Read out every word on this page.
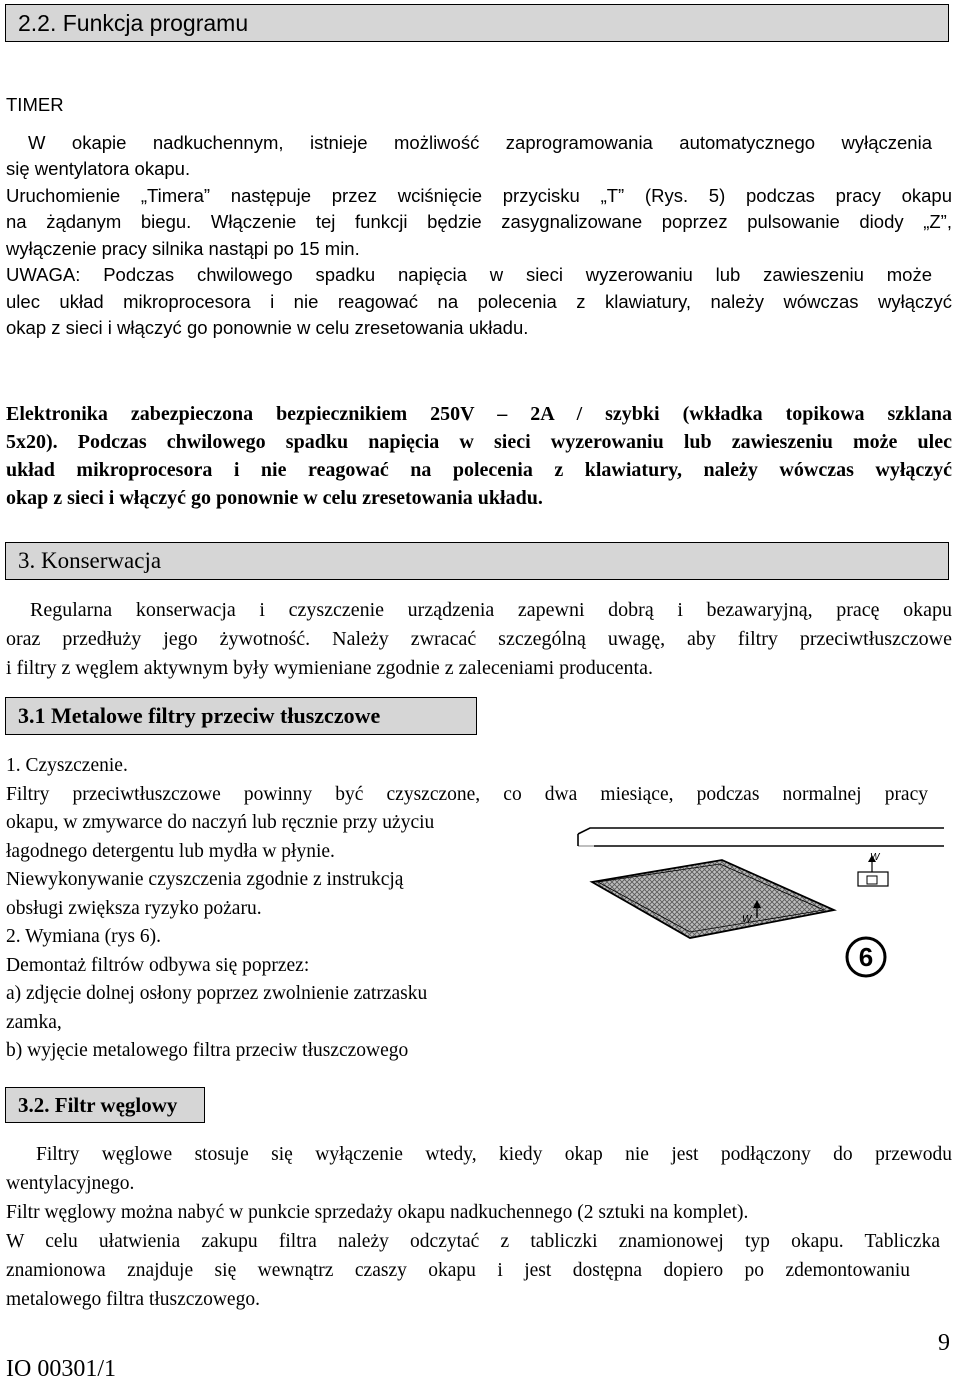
2.2. Funkcja programu
TIMER
W okapie nadkuchennym, istnieje możliwość zaprogramowania automatycznego wyłączenia
się wentylatora okapu.
Uruchomienie „Timera” następuje przez wciśnięcie przycisku „T” (Rys. 5) podczas pracy okapu
na żądanym biegu. Włączenie tej funkcji będzie zasygnalizowane poprzez pulsowanie diody „Z”,
wyłączenie pracy silnika nastąpi po 15 min.
UWAGA: Podczas chwilowego spadku napięcia w sieci wyzerowaniu lub zawieszeniu może
ulec układ mikroprocesora i nie reagować na polecenia z klawiatury, należy wówczas wyłączyć
okap z sieci i włączyć go ponownie w celu zresetowania układu.
Elektronika zabezpieczona bezpiecznikiem 250V – 2A / szybki (wkładka topikowa szklana
5x20). Podczas chwilowego spadku napięcia w sieci wyzerowaniu lub zawieszeniu może ulec
układ mikroprocesora i nie reagować na polecenia z klawiatury, należy wówczas wyłączyć
okap z sieci i włączyć go ponownie w celu zresetowania układu.
3. Konserwacja
Regularna konserwacja i czyszczenie urządzenia zapewni dobrą i bezawaryjną, pracę okapu
oraz przedłuży jego żywotność. Należy zwracać szczególną uwagę, aby filtry przeciwtłuszczowe
i filtry z węglem aktywnym były wymieniane zgodnie z zaleceniami producenta.
3.1 Metalowe filtry przeciw tłuszczowe
1. Czyszczenie.
Filtry przeciwtłuszczowe powinny być czyszczone, co dwa miesiące, podczas normalnej pracy
okapu, w zmywarce do naczyń lub ręcznie przy użyciu
łagodnego detergentu lub mydła w płynie.
Niewykonywanie czyszczenia zgodnie z instrukcją
obsługi zwiększa ryzyko pożaru.
2. Wymiana (rys 6).
Demontaż filtrów odbywa się poprzez:
a) zdjęcie dolnej osłony poprzez zwolnienie zatrzasku
zamka,
b) wyjęcie metalowego filtra przeciw tłuszczowego
W
W
6
3.2. Filtr węglowy
Filtry węglowe stosuje się wyłączenie wtedy, kiedy okap nie jest podłączony do przewodu
wentylacyjnego.
Filtr węglowy można nabyć w punkcie sprzedaży okapu nadkuchennego (2 sztuki na komplet).
W celu ułatwienia zakupu filtra należy odczytać z tabliczki znamionowej typ okapu. Tabliczka
znamionowa znajduje się wewnątrz czaszy okapu i jest dostępna dopiero po zdemontowaniu
metalowego filtra tłuszczowego.
IO 00301/1
9
